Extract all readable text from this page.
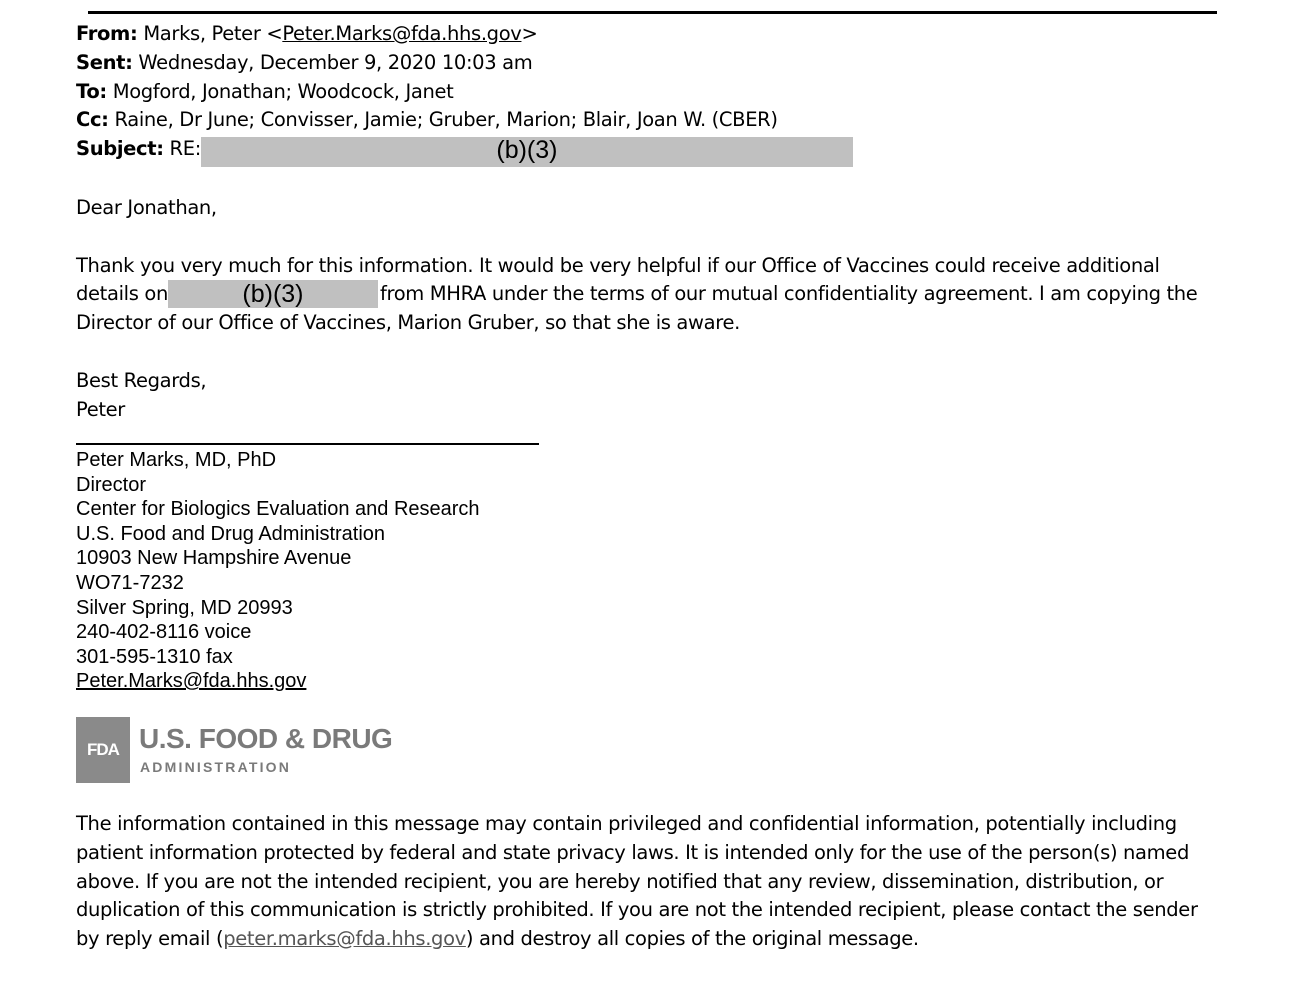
From: Marks, Peter <Peter.Marks@fda.hhs.gov>
Sent: Wednesday, December 9, 2020 10:03 am
To: Mogford, Jonathan; Woodcock, Janet
Cc: Raine, Dr June; Convisser, Jamie; Gruber, Marion; Blair, Joan W. (CBER)
Subject: RE:	(b)(3)
Dear Jonathan,
Thank you very much for this information. It would be very helpful if our Office of Vaccines could receive additional
details on	(b)(3)	from MHRA under the terms of our mutual confidentiality agreement. I am copying the
Director of our Office of Vaccines, Marion Gruber, so that she is aware.
Best Regards,
Peter
Peter Marks, MD, PhD
Director
Center for Biologics Evaluation and Research
U.S. Food and Drug Administration
10903 New Hampshire Avenue
WO71-7232
Silver Spring, MD 20993
240-402-8116 voice
301-595-1310 fax
Peter.Marks@fda.hhs.gov
FDA U.S. FOOD & DRUG
ADMINISTRATION
The information contained in this message may contain privileged and confidential information, potentially including
patient information protected by federal and state privacy laws. It is intended only for the use of the person(s) named
above. If you are not the intended recipient, you are hereby notified that any review, dissemination, distribution, or
duplication of this communication is strictly prohibited. If you are not the intended recipient, please contact the sender
by reply email (peter.marks@fda.hhs.gov) and destroy all copies of the original message.
